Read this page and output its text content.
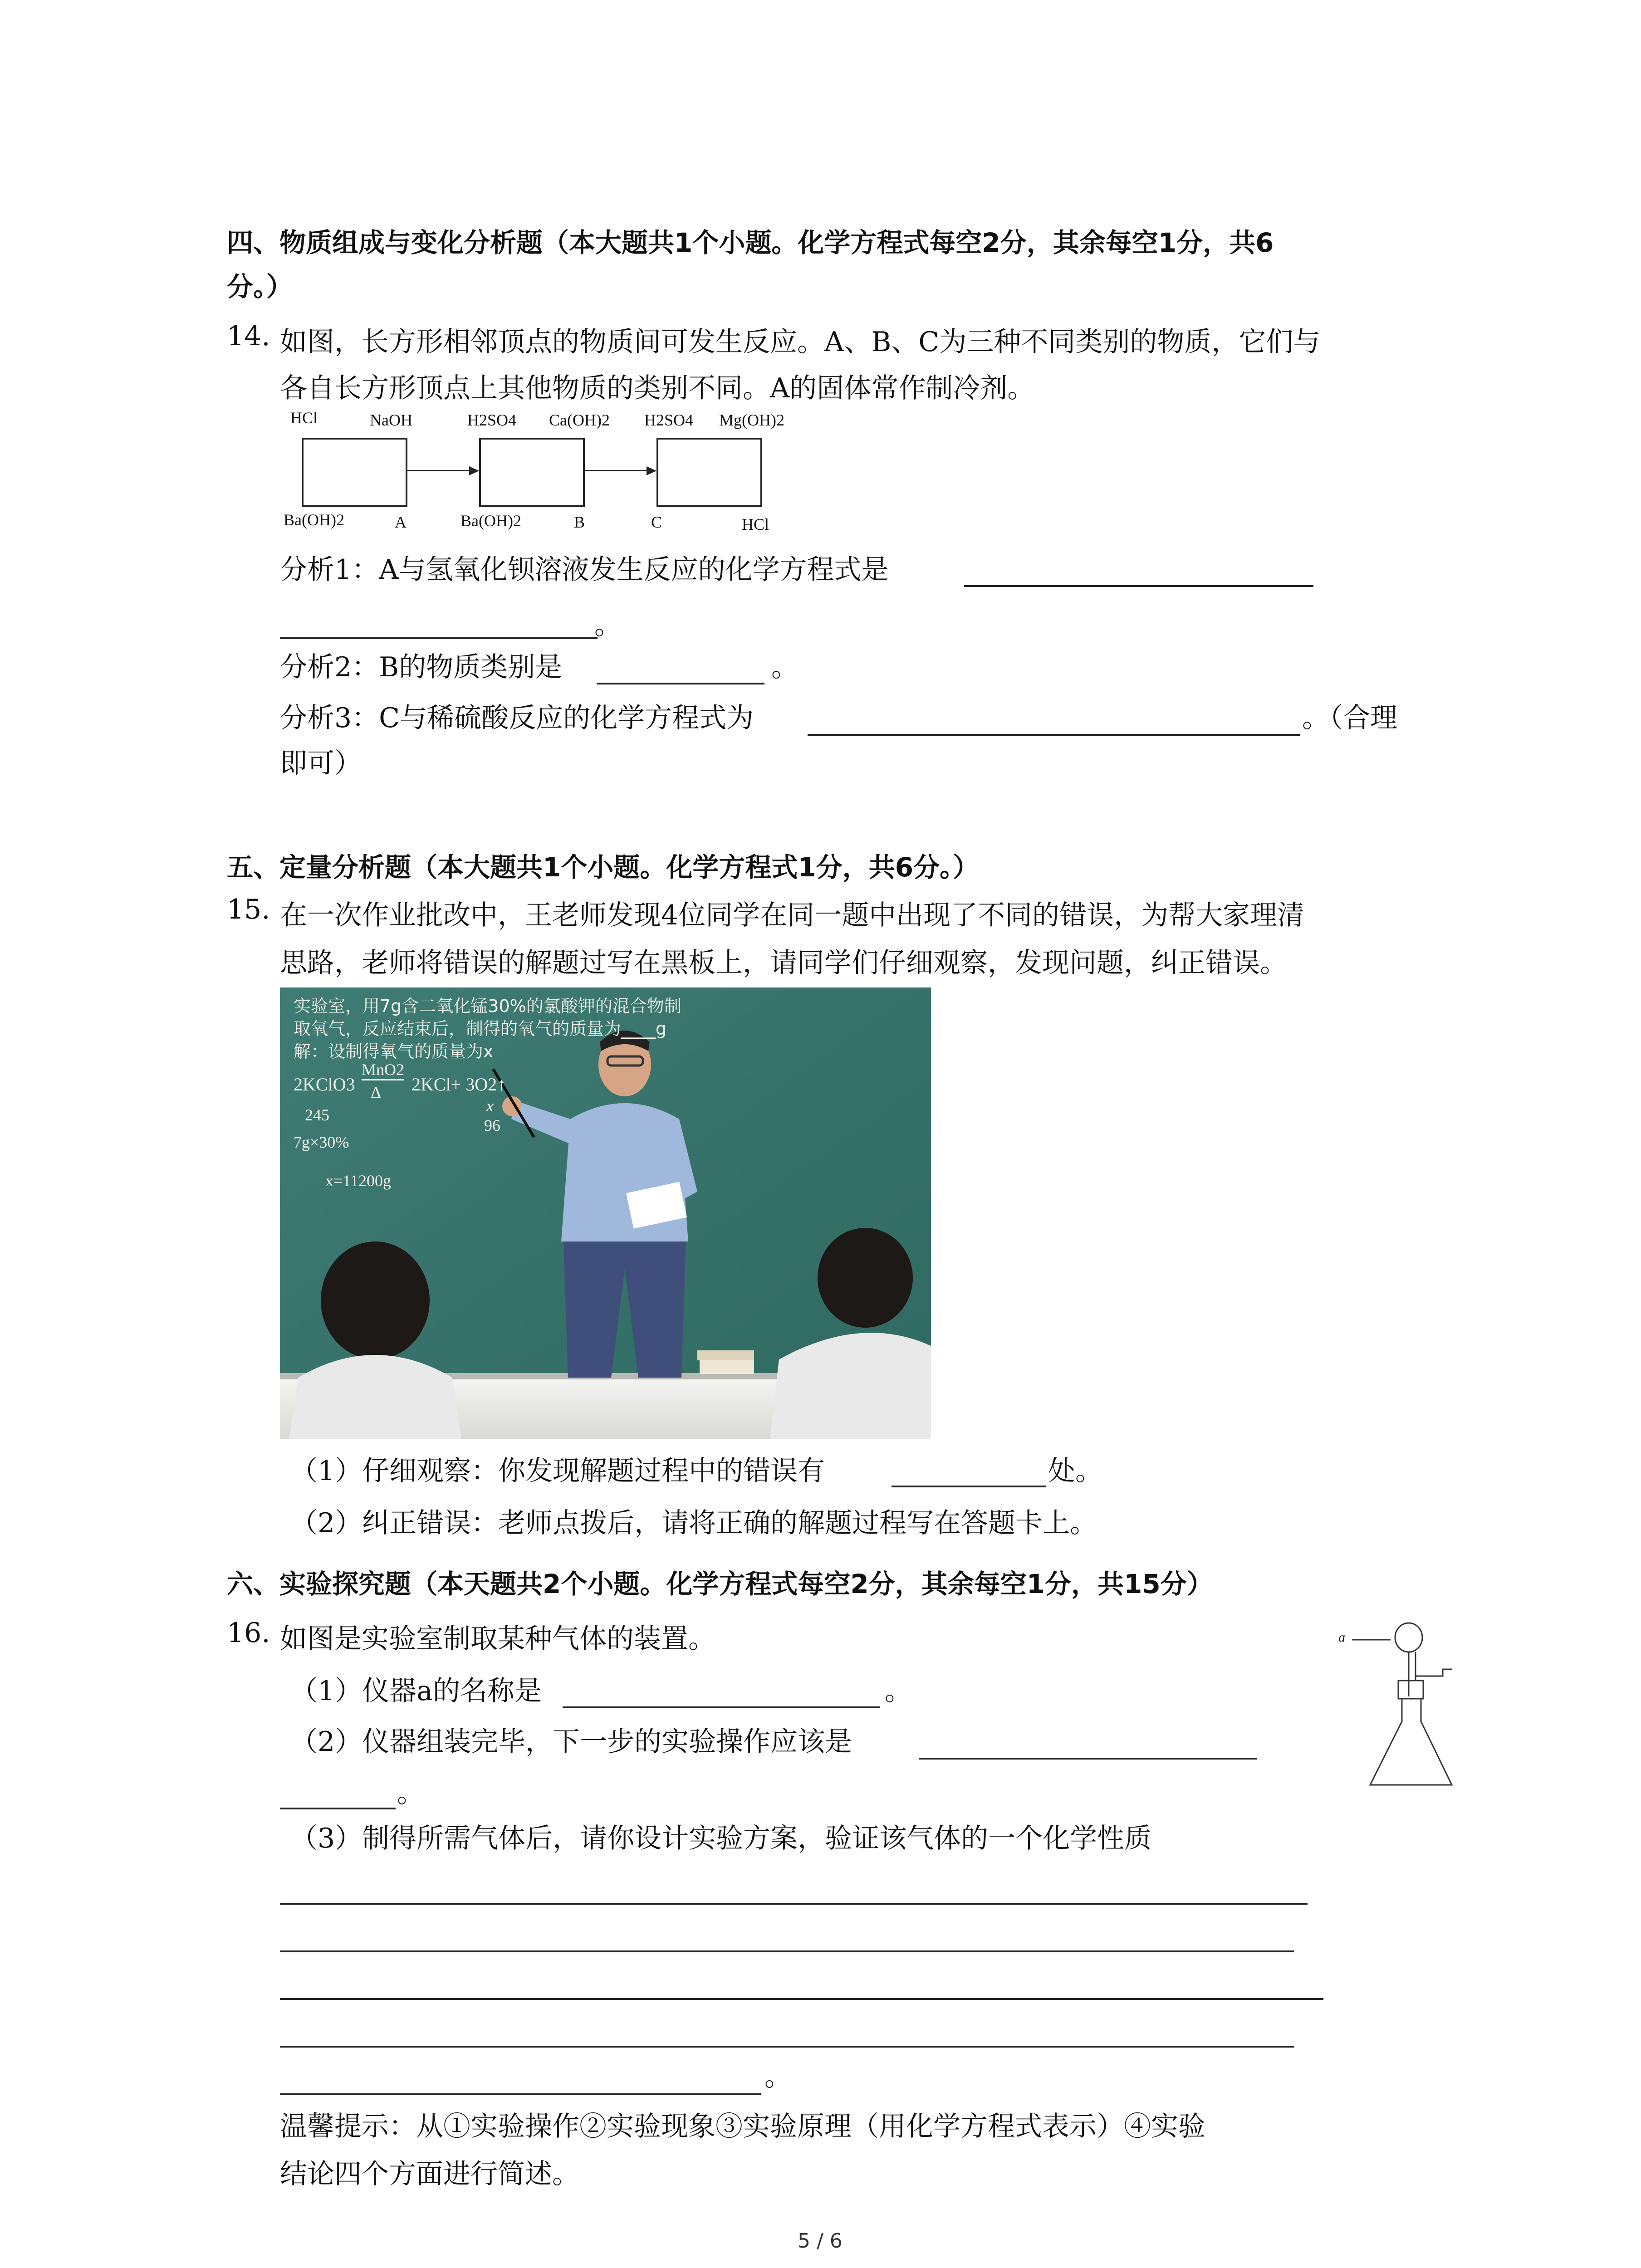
四、物质组成与变化分析题（本大题共1个小题。化学方程式每空2分，其余每空1分，共6
分。）
14. 如图，长方形相邻顶点的物质间可发生反应。A、B、C为三种不同类别的物质，它们与
各自长方形顶点上其他物质的类别不同。A的固体常作制冷剂。
HCl	NaOH
Ba(OH)2	A
H2SO4 Ca(OH)2
Ba(OH)2	B
H2SO4 Mg(OH)2
C	HCl
分析1：A与氢氧化钡溶液发生反应的化学方程式是
。
分析2：B的物质类别是	。
分析3：C与稀硫酸反应的化学方程式为	。（合理
即可）
五、定量分析题（本大题共1个小题。化学方程式1分，共6分。）
15. 在一次作业批改中，王老师发现4位同学在同一题中出现了不同的错误，为帮大家理清
思路，老师将错误的解题过写在黑板上，请同学们仔细观察，发现问题，纠正错误。
实验室，用7g含二氧化锰30%的氯酸钾的混合物制
取氧气，反应结束后，制得的氧气的质量为____g
解：设制得氧气的质量为x
2KClO3
MnO2
Δ 2KCl+ 3O2↑
245	x
96
7g×30%
x=11200g
（1）仔细观察：你发现解题过程中的错误有	处。
（2）纠正错误：老师点拨后，请将正确的解题过程写在答题卡上。
六、实验探究题（本天题共2个小题。化学方程式每空2分，其余每空1分，共15分）
16. 如图是实验室制取某种气体的装置。
（1）仪器a的名称是	。
（2）仪器组装完毕，下一步的实验操作应该是
。
（3）制得所需气体后，请你设计实验方案，验证该气体的一个化学性质
。
温馨提示：从①实验操作②实验现象③实验原理（用化学方程式表示）④实验
结论四个方面进行简述。
a
5 / 6
